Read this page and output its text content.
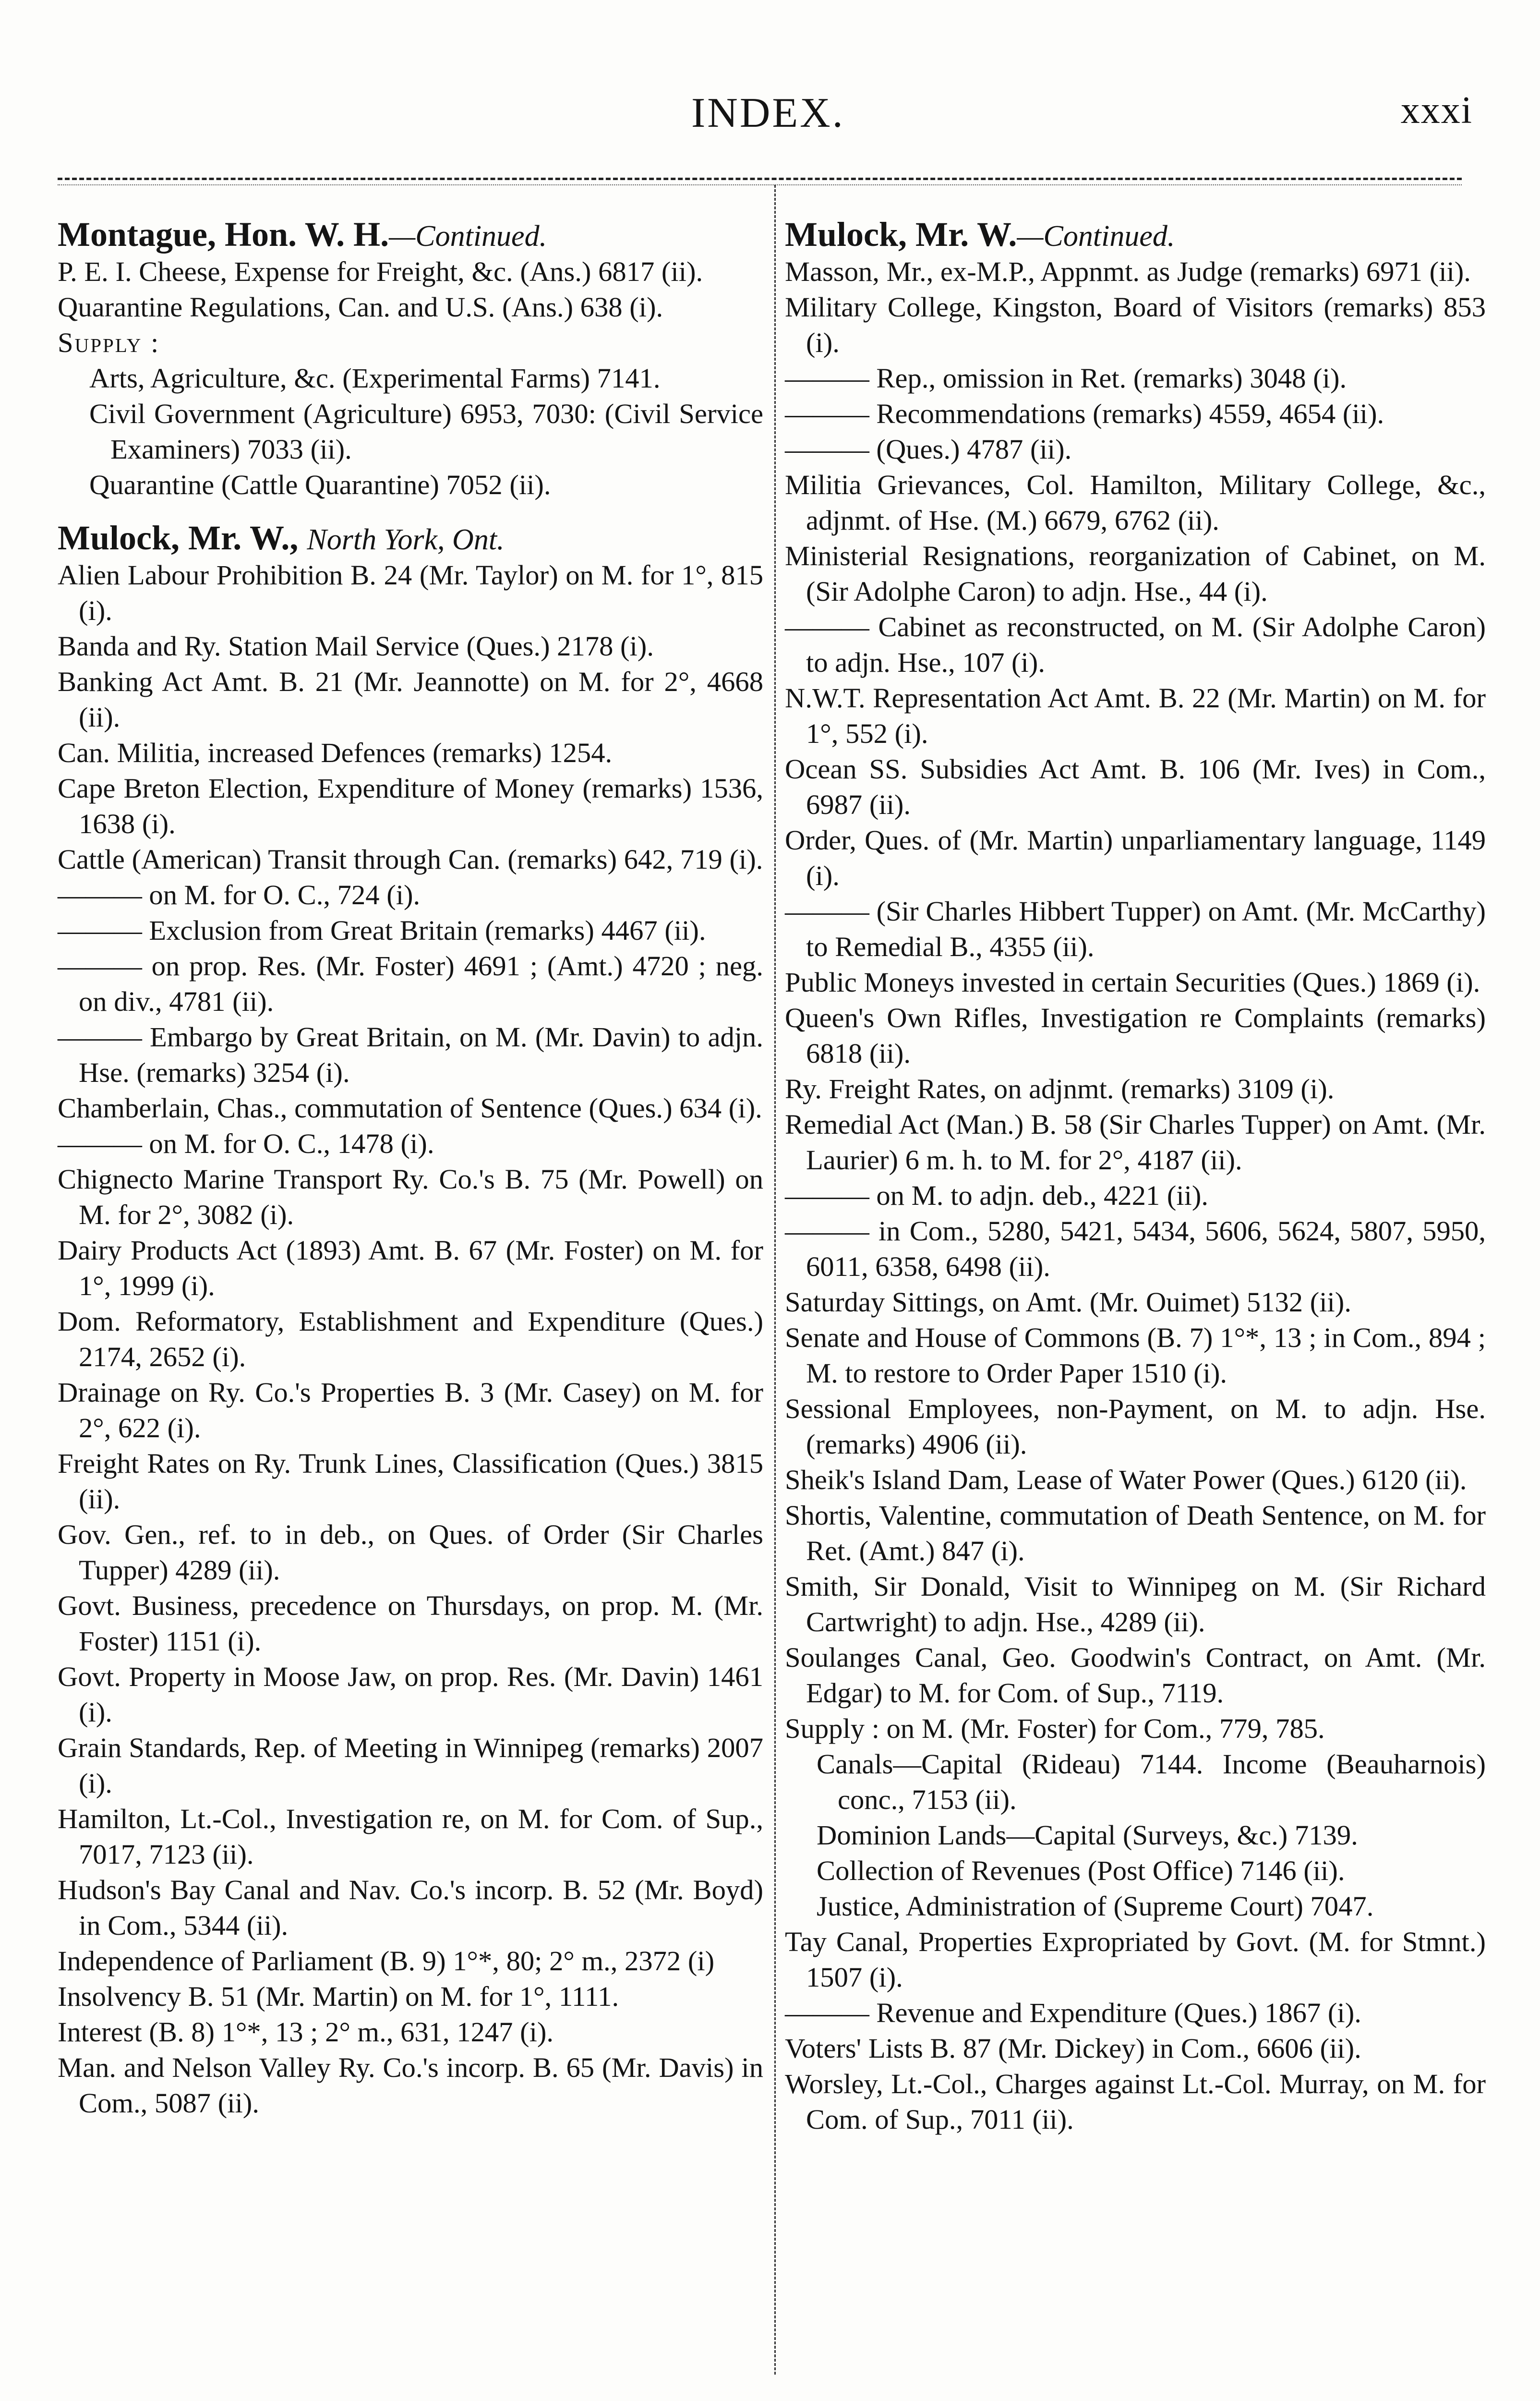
INDEX.	xxxi
Montague, Hon. W. H.—Continued.
P. E. I. Cheese, Expense for Freight, &c. (Ans.) 6817 (ii).
Quarantine Regulations, Can. and U.S. (Ans.) 638 (i).
Supply :
Arts, Agriculture, &c. (Experimental Farms) 7141.
Civil Government (Agriculture) 6953, 7030: (Civil Service Examiners) 7033 (ii).
Quarantine (Cattle Quarantine) 7052 (ii).
Mulock, Mr. W., North York, Ont.
Alien Labour Prohibition B. 24 (Mr. Taylor) on M. for 1°, 815 (i).
Banda and Ry. Station Mail Service (Ques.) 2178 (i).
Banking Act Amt. B. 21 (Mr. Jeannotte) on M. for 2°, 4668 (ii).
Can. Militia, increased Defences (remarks) 1254.
Cape Breton Election, Expenditure of Money (remarks) 1536, 1638 (i).
Cattle (American) Transit through Can. (remarks) 642, 719 (i).
——— on M. for O. C., 724 (i).
——— Exclusion from Great Britain (remarks) 4467 (ii).
——— on prop. Res. (Mr. Foster) 4691 ; (Amt.) 4720 ; neg. on div., 4781 (ii).
——— Embargo by Great Britain, on M. (Mr. Davin) to adjn. Hse. (remarks) 3254 (i).
Chamberlain, Chas., commutation of Sentence (Ques.) 634 (i).
——— on M. for O. C., 1478 (i).
Chignecto Marine Transport Ry. Co.'s B. 75 (Mr. Powell) on M. for 2°, 3082 (i).
Dairy Products Act (1893) Amt. B. 67 (Mr. Foster) on M. for 1°, 1999 (i).
Dom. Reformatory, Establishment and Expenditure (Ques.) 2174, 2652 (i).
Drainage on Ry. Co.'s Properties B. 3 (Mr. Casey) on M. for 2°, 622 (i).
Freight Rates on Ry. Trunk Lines, Classification (Ques.) 3815 (ii).
Gov. Gen., ref. to in deb., on Ques. of Order (Sir Charles Tupper) 4289 (ii).
Govt. Business, precedence on Thursdays, on prop. M. (Mr. Foster) 1151 (i).
Govt. Property in Moose Jaw, on prop. Res. (Mr. Davin) 1461 (i).
Grain Standards, Rep. of Meeting in Winnipeg (remarks) 2007 (i).
Hamilton, Lt.-Col., Investigation re, on M. for Com. of Sup., 7017, 7123 (ii).
Hudson's Bay Canal and Nav. Co.'s incorp. B. 52 (Mr. Boyd) in Com., 5344 (ii).
Independence of Parliament (B. 9) 1°*, 80; 2° m., 2372 (i)
Insolvency B. 51 (Mr. Martin) on M. for 1°, 1111.
Interest (B. 8) 1°*, 13 ; 2° m., 631, 1247 (i).
Man. and Nelson Valley Ry. Co.'s incorp. B. 65 (Mr. Davis) in Com., 5087 (ii).
Mulock, Mr. W.—Continued.
Masson, Mr., ex-M.P., Appnmt. as Judge (remarks) 6971 (ii).
Military College, Kingston, Board of Visitors (remarks) 853 (i).
——— Rep., omission in Ret. (remarks) 3048 (i).
——— Recommendations (remarks) 4559, 4654 (ii).
——— (Ques.) 4787 (ii).
Militia Grievances, Col. Hamilton, Military College, &c., adjnmt. of Hse. (M.) 6679, 6762 (ii).
Ministerial Resignations, reorganization of Cabinet, on M. (Sir Adolphe Caron) to adjn. Hse., 44 (i).
——— Cabinet as reconstructed, on M. (Sir Adolphe Caron) to adjn. Hse., 107 (i).
N.W.T. Representation Act Amt. B. 22 (Mr. Martin) on M. for 1°, 552 (i).
Ocean SS. Subsidies Act Amt. B. 106 (Mr. Ives) in Com., 6987 (ii).
Order, Ques. of (Mr. Martin) unparliamentary language, 1149 (i).
——— (Sir Charles Hibbert Tupper) on Amt. (Mr. McCarthy) to Remedial B., 4355 (ii).
Public Moneys invested in certain Securities (Ques.) 1869 (i).
Queen's Own Rifles, Investigation re Complaints (remarks) 6818 (ii).
Ry. Freight Rates, on adjnmt. (remarks) 3109 (i).
Remedial Act (Man.) B. 58 (Sir Charles Tupper) on Amt. (Mr. Laurier) 6 m. h. to M. for 2°, 4187 (ii).
——— on M. to adjn. deb., 4221 (ii).
——— in Com., 5280, 5421, 5434, 5606, 5624, 5807, 5950, 6011, 6358, 6498 (ii).
Saturday Sittings, on Amt. (Mr. Ouimet) 5132 (ii).
Senate and House of Commons (B. 7) 1°*, 13 ; in Com., 894 ; M. to restore to Order Paper 1510 (i).
Sessional Employees, non-Payment, on M. to adjn. Hse. (remarks) 4906 (ii).
Sheik's Island Dam, Lease of Water Power (Ques.) 6120 (ii).
Shortis, Valentine, commutation of Death Sentence, on M. for Ret. (Amt.) 847 (i).
Smith, Sir Donald, Visit to Winnipeg on M. (Sir Richard Cartwright) to adjn. Hse., 4289 (ii).
Soulanges Canal, Geo. Goodwin's Contract, on Amt. (Mr. Edgar) to M. for Com. of Sup., 7119.
Supply : on M. (Mr. Foster) for Com., 779, 785.
Canals—Capital (Rideau) 7144. Income (Beauharnois) conc., 7153 (ii).
Dominion Lands—Capital (Surveys, &c.) 7139.
Collection of Revenues (Post Office) 7146 (ii).
Justice, Administration of (Supreme Court) 7047.
Tay Canal, Properties Expropriated by Govt. (M. for Stmnt.) 1507 (i).
——— Revenue and Expenditure (Ques.) 1867 (i).
Voters' Lists B. 87 (Mr. Dickey) in Com., 6606 (ii).
Worsley, Lt.-Col., Charges against Lt.-Col. Murray, on M. for Com. of Sup., 7011 (ii).
